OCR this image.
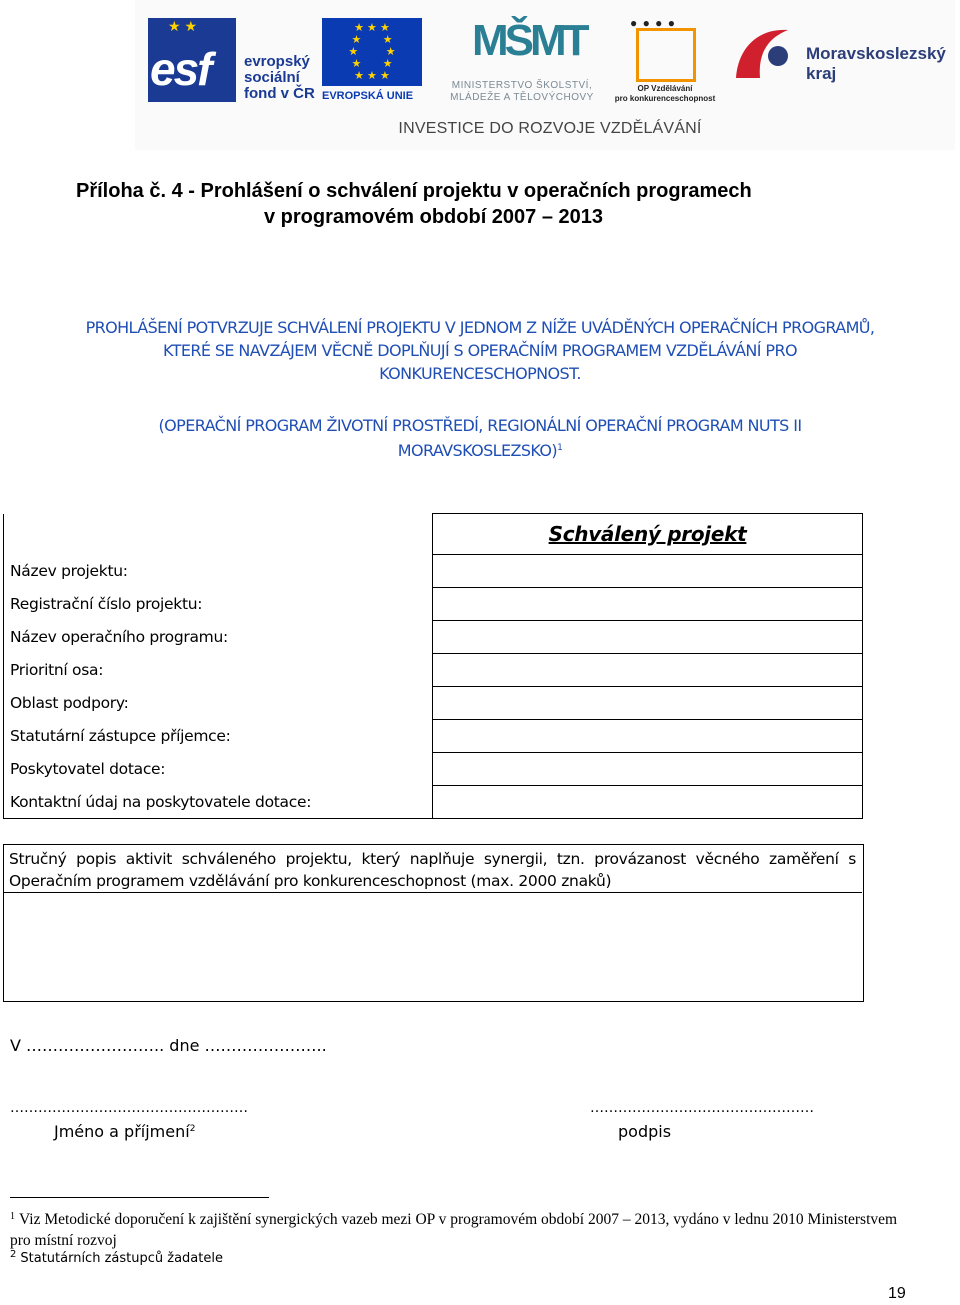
★ ★
esf evropský
sociální
fond v ČR
★ ★ ★
★       ★
★         ★
★       ★
★ ★ ★
EVROPSKÁ UNIE
MŠMT
MINISTERSTVO ŠKOLSTVÍ,
MLÁDEŽE A TĚLOVÝCHOVY
● ● ● ●
OP Vzdělávání
pro konkurenceschopnost
Moravskoslezský
kraj
INVESTICE DO ROZVOJE VZDĚLÁVÁNÍ
Příloha č. 4 - Prohlášení o schválení projektu v operačních programech
v programovém období 2007 – 2013
PROHLÁŠENÍ POTVRZUJE SCHVÁLENÍ PROJEKTU V JEDNOM Z NÍŽE UVÁDĚNÝCH OPERAČNÍCH PROGRAMŮ,
KTERÉ SE NAVZÁJEM VĚCNĚ DOPLŇUJÍ S OPERAČNÍM PROGRAMEM VZDĚLÁVÁNÍ PRO
KONKURENCESCHOPNOST.
(OPERAČNÍ PROGRAM ŽIVOTNÍ PROSTŘEDÍ, REGIONÁLNÍ OPERAČNÍ PROGRAM NUTS II
MORAVSKOSLEZSKO)$^1$
	Schválený projekt
Název projektu:	
Registrační číslo projektu:	
Název operačního programu:	
Prioritní osa:	
Oblast podpory:	
Statutární zástupce příjemce:	
Poskytovatel dotace:	
Kontaktní údaj na poskytovatele dotace:	
Stručný popis aktivit schváleného projektu, který naplňuje synergii, tzn. provázanost věcného zaměření s Operačním programem vzdělávání pro konkurenceschopnost (max. 2000 znaků)
V …………………….. dne …………………..
……………………………………………	…………………………………………
Jméno a příjmení$^2$	podpis
$^1$ Viz Metodické doporučení k zajištění synergických vazeb mezi OP v programovém období 2007 – 2013, vydáno v lednu 2010 Ministerstvem pro místní rozvoj
$^2$ Statutárních zástupců žadatele
19
